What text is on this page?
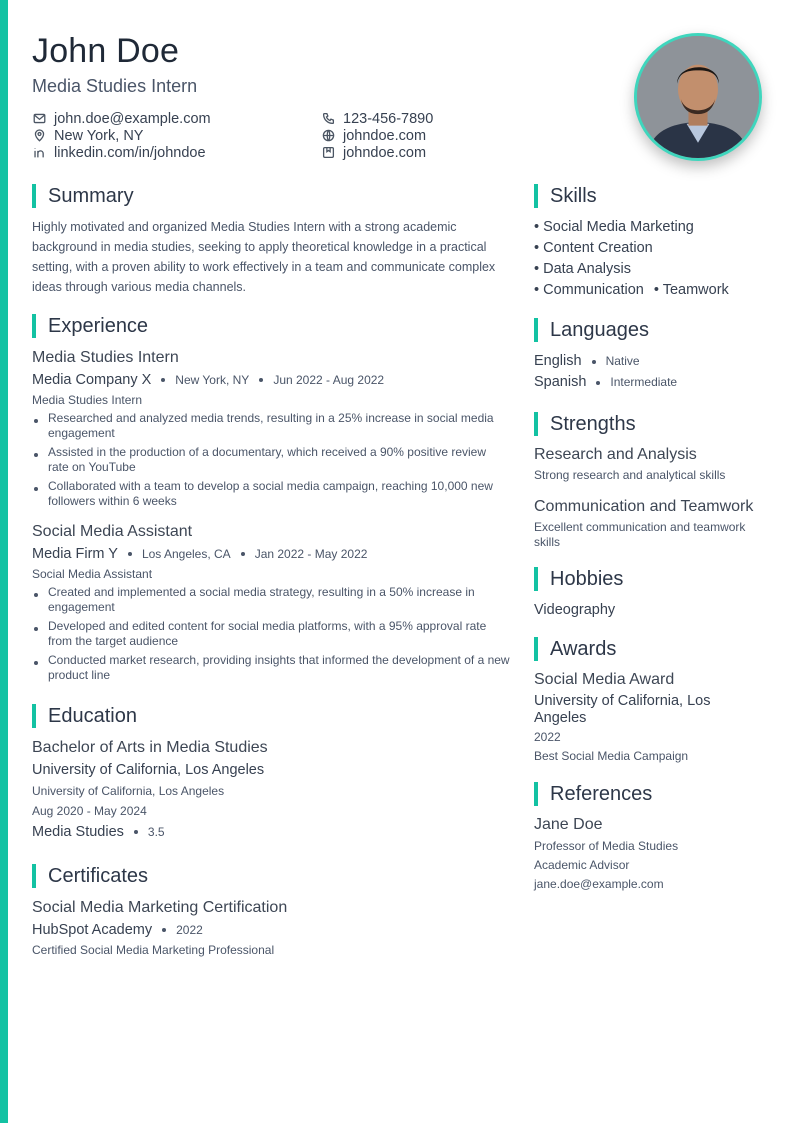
John Doe
Media Studies Intern
john.doe@example.com	123-456-7890
New York, NY	johndoe.com
linkedin.com/in/johndoe	johndoe.com
Summary
Highly motivated and organized Media Studies Intern with a strong academic background in media studies, seeking to apply theoretical knowledge in a practical setting, with a proven ability to work effectively in a team and communicate complex ideas through various media channels.
Experience
Media Studies Intern
Media Company X New York, NY Jun 2022 - Aug 2022
Media Studies Intern
Researched and analyzed media trends, resulting in a 25% increase in social media engagement
Assisted in the production of a documentary, which received a 90% positive review rate on YouTube
Collaborated with a team to develop a social media campaign, reaching 10,000 new followers within 6 weeks
Social Media Assistant
Media Firm Y Los Angeles, CA Jan 2022 - May 2022
Social Media Assistant
Created and implemented a social media strategy, resulting in a 50% increase in engagement
Developed and edited content for social media platforms, with a 95% approval rate from the target audience
Conducted market research, providing insights that informed the development of a new product line
Education
Bachelor of Arts in Media Studies
University of California, Los Angeles
University of California, Los Angeles
Aug 2020 - May 2024
Media Studies 3.5
Certificates
Social Media Marketing Certification
HubSpot Academy 2022
Certified Social Media Marketing Professional
Skills
• Social Media Marketing
• Content Creation
• Data Analysis
• Communication • Teamwork
Languages
English Native
Spanish Intermediate
Strengths
Research and Analysis
Strong research and analytical skills
Communication and Teamwork
Excellent communication and teamwork skills
Hobbies
Videography
Awards
Social Media Award
University of California, Los Angeles
2022
Best Social Media Campaign
References
Jane Doe
Professor of Media Studies
Academic Advisor
jane.doe@example.com
